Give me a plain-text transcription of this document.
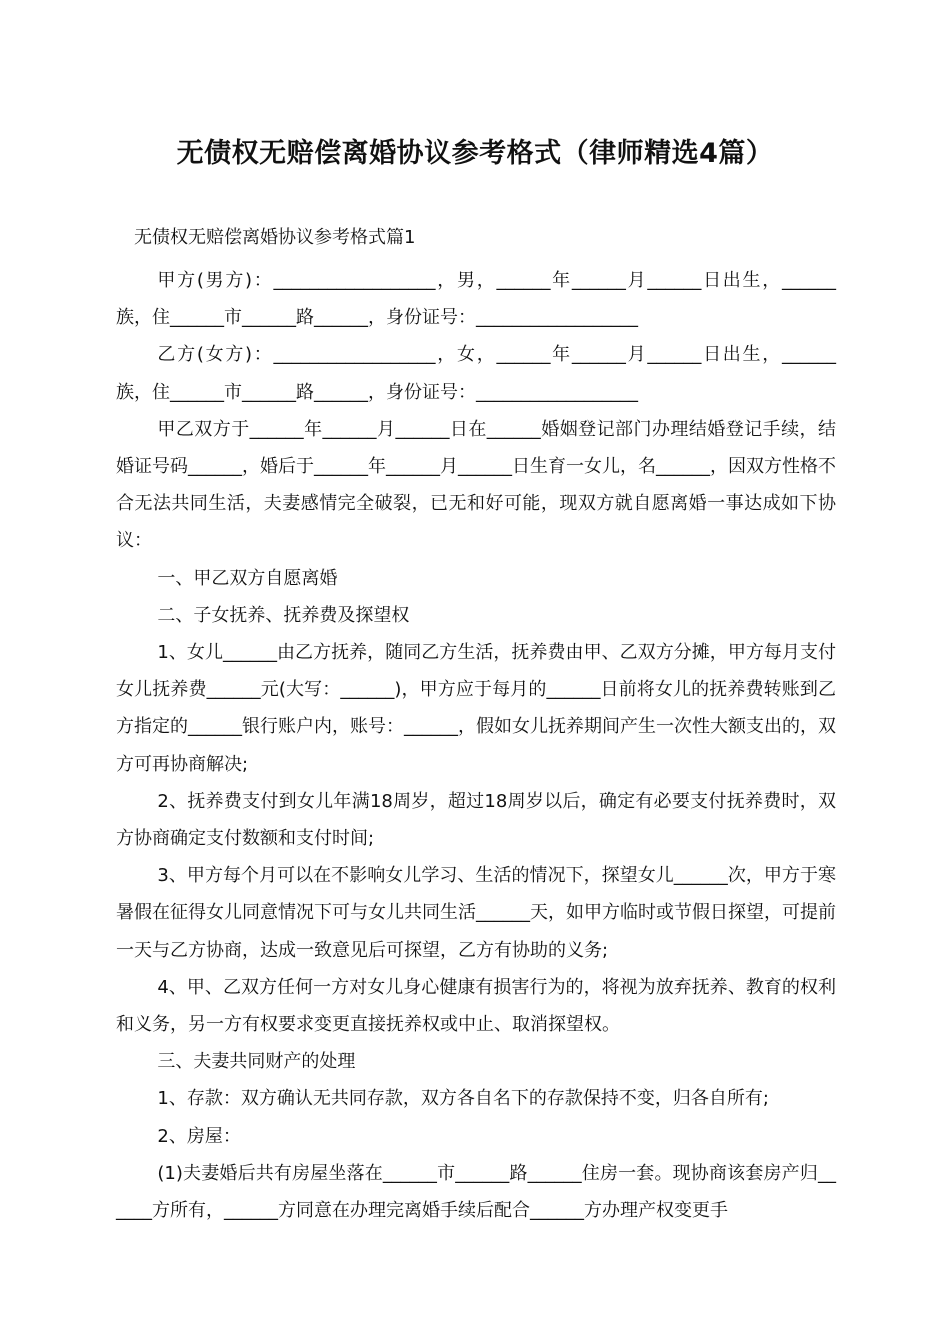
无债权无赔偿离婚协议参考格式（律师精选4篇）
无债权无赔偿离婚协议参考格式篇1

甲方(男方)：__________________，男，______年______月______日出生，______族，住______市______路______，身份证号：__________________

乙方(女方)：__________________，女，______年______月______日出生，______族，住______市______路______，身份证号：__________________

甲乙双方于______年______月______日在______婚姻登记部门办理结婚登记手续，结婚证号码______，婚后于______年______月______日生育一女儿，名______，因双方性格不合无法共同生活，夫妻感情完全破裂，已无和好可能，现双方就自愿离婚一事达成如下协议：

一、甲乙双方自愿离婚

二、子女抚养、抚养费及探望权

1、女儿______由乙方抚养，随同乙方生活，抚养费由甲、乙双方分摊，甲方每月支付女儿抚养费______元(大写：______)，甲方应于每月的______日前将女儿的抚养费转账到乙方指定的______银行账户内，账号：______，假如女儿抚养期间产生一次性大额支出的，双方可再协商解决;

2、抚养费支付到女儿年满18周岁，超过18周岁以后，确定有必要支付抚养费时，双方协商确定支付数额和支付时间;

3、甲方每个月可以在不影响女儿学习、生活的情况下，探望女儿______次，甲方于寒暑假在征得女儿同意情况下可与女儿共同生活______天，如甲方临时或节假日探望，可提前一天与乙方协商，达成一致意见后可探望，乙方有协助的义务;

4、甲、乙双方任何一方对女儿身心健康有损害行为的，将视为放弃抚养、教育的权利和义务，另一方有权要求变更直接抚养权或中止、取消探望权。

三、夫妻共同财产的处理

1、存款：双方确认无共同存款，双方各自名下的存款保持不变，归各自所有;

2、房屋：

(1)夫妻婚后共有房屋坐落在______市______路______住房一套。现协商该套房产归______方所有，______方同意在办理完离婚手续后配合______方办理产权变更手
